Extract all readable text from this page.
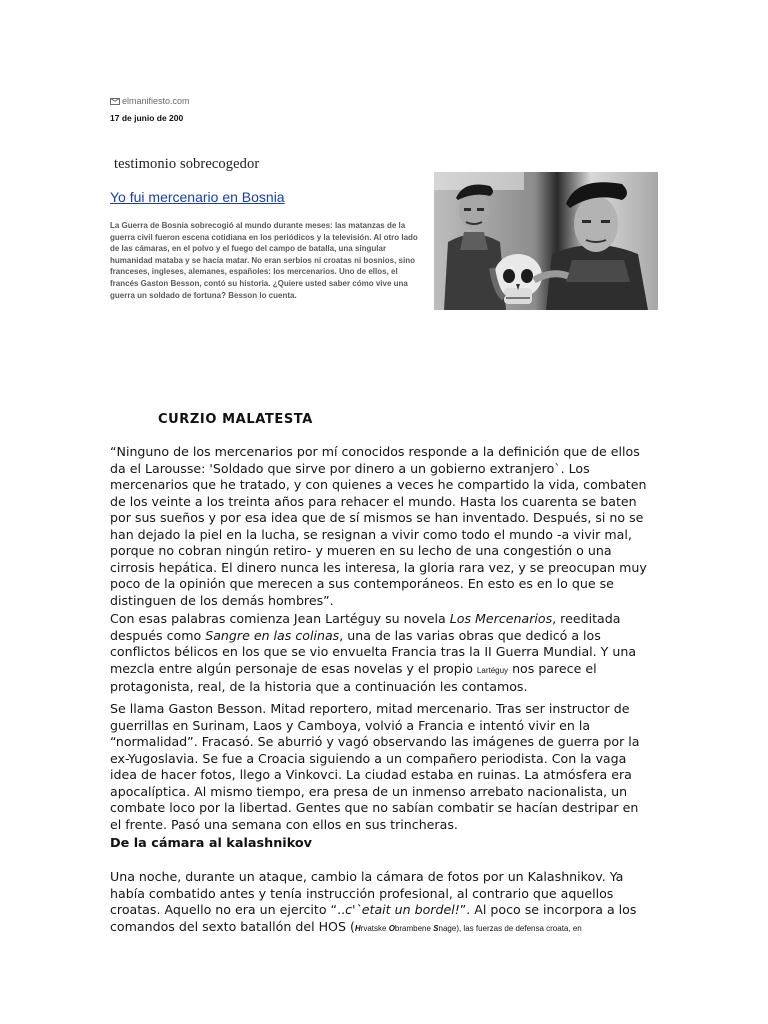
elmanifiesto.com
17 de junio de 200
testimonio sobrecogedor
Yo fui mercenario en Bosnia
La Guerra de Bosnia sobrecogió al mundo durante meses: las matanzas de la guerra civil fueron escena cotidiana en los periódicos y la televisión. Al otro lado de las cámaras, en el polvo y el fuego del campo de batalla, una singular humanidad mataba y se hacía matar. No eran serbios ni croatas ni bosnios, sino franceses, ingleses, alemanes, españoles: los mercenarios. Uno de ellos, el francés Gaston Besson, contó su historia. ¿Quiere usted saber cómo vive una guerra un soldado de fortuna? Besson lo cuenta.
CURZIO MALATESTA

“Ninguno de los mercenarios por mí conocidos responde a la definición que de ellos da el Larousse: 'Soldado que sirve por dinero a un gobierno extranjero`. Los mercenarios que he tratado, y con quienes a veces he compartido la vida, combaten de los veinte a los treinta años para rehacer el mundo. Hasta los cuarenta se baten por sus sueños y por esa idea que de sí mismos se han inventado. Después, si no se han dejado la piel en la lucha, se resignan a vivir como todo el mundo -a vivir mal, porque no cobran ningún retiro- y mueren en su lecho de una congestión o una cirrosis hepática. El dinero nunca les interesa, la gloria rara vez, y se preocupan muy poco de la opinión que merecen a sus contemporáneos. En esto es en lo que se distinguen de los demás hombres”.

Con esas palabras comienza Jean Lartéguy su novela Los Mercenarios, reeditada después como Sangre en las colinas, una de las varias obras que dedicó a los conflictos bélicos en los que se vio envuelta Francia tras la II Guerra Mundial. Y una mezcla entre algún personaje de esas novelas y el propio Lartéguy nos parece el protagonista, real, de la historia que a continuación les contamos.

Se llama Gaston Besson. Mitad reportero, mitad mercenario. Tras ser instructor de guerrillas en Surinam, Laos y Camboya, volvió a Francia e intentó vivir en la “normalidad”. Fracasó. Se aburrió y vagó observando las imágenes de guerra por la ex-Yugoslavia. Se fue a Croacia siguiendo a un compañero periodista. Con la vaga idea de hacer fotos, llego a Vinkovci. La ciudad estaba en ruinas. La atmósfera era apocalíptica. Al mismo tiempo, era presa de un inmenso arrebato nacionalista, un combate loco por la libertad. Gentes que no sabían combatir se hacían destripar en el frente. Pasó una semana con ellos en sus trincheras.

De la cámara al kalashnikov

Una noche, durante un ataque, cambio la cámara de fotos por un Kalashnikov. Ya había combatido antes y tenía instrucción profesional, al contrario que aquellos croatas. Aquello no era un ejercito “..c'`etait un bordel!”. Al poco se incorpora a los comandos del sexto batallón del HOS (Hrvatske Obrambene Snage), las fuerzas de defensa croata, en
